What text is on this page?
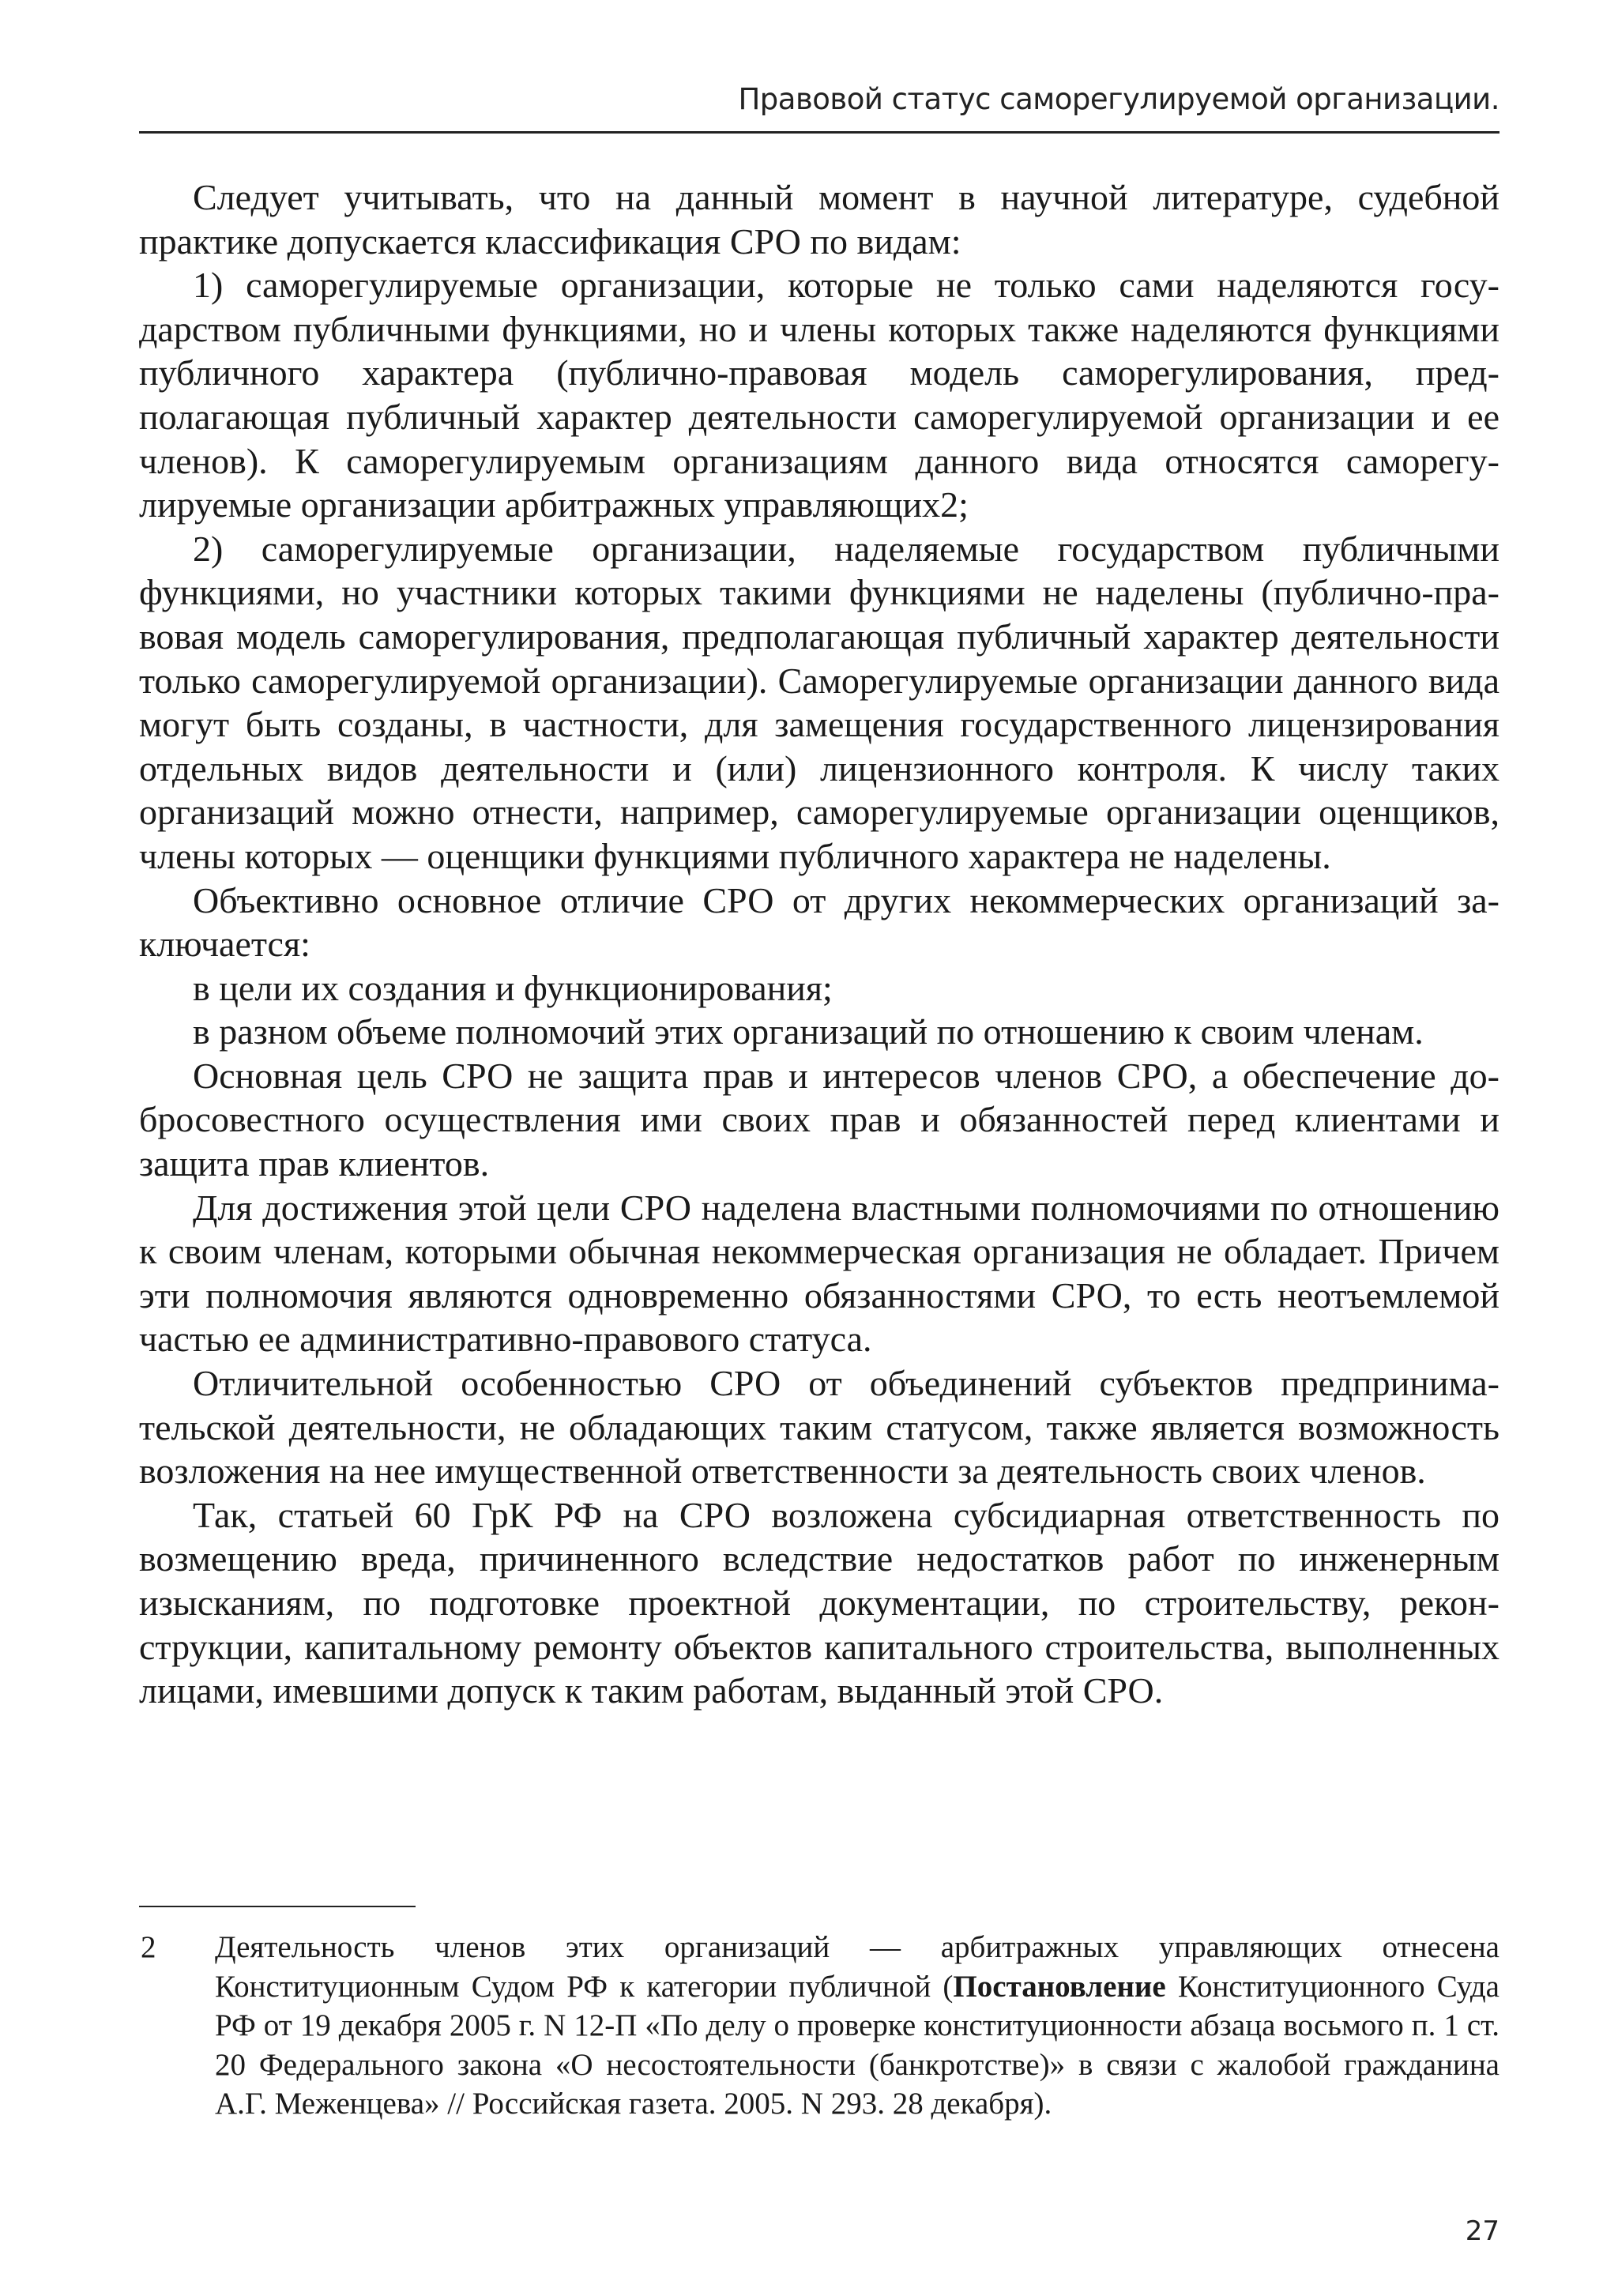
Правовой статус саморегулируемой организации.

Следует учитывать, что на данный момент в научной литературе, судебной практике допускается классификация СРО по видам:

1) саморегулируемые организации, которые не только сами наделяются государством публичными функциями, но и члены которых также наделяются функциями публичного характера (публично-правовая модель саморегулирования, предполагающая публичный характер деятельности саморегулируемой организации и ее членов). К саморегулируемым организациям данного вида относятся саморегулируемые организации арбитражных управляющих2;

2) саморегулируемые организации, наделяемые государством публичными функциями, но участники которых такими функциями не наделены (публично-правовая модель саморегулирования, предполагающая публичный характер деятельности только саморегулируемой организации). Саморегулируемые организации данного вида могут быть созданы, в частности, для замещения государственного лицензирования отдельных видов деятельности и (или) лицензионного контроля. К числу таких организаций можно отнести, например, саморегулируемые организации оценщиков, члены которых — оценщики функциями публичного характера не наделены.

Объективно основное отличие СРО от других некоммерческих организаций заключается:

в цели их создания и функционирования;

в разном объеме полномочий этих организаций по отношению к своим членам.

Основная цель СРО не защита прав и интересов членов СРО, а обеспечение добросовестного осуществления ими своих прав и обязанностей перед клиентами и защита прав клиентов.

Для достижения этой цели СРО наделена властными полномочиями по отношению к своим членам, которыми обычная некоммерческая организация не обладает. Причем эти полномочия являются одновременно обязанностями СРО, то есть неотъемлемой частью ее административно-правового статуса.

Отличительной особенностью СРО от объединений субъектов предпринимательской деятельности, не обладающих таким статусом, также является возможность возложения на нее имущественной ответственности за деятельность своих членов.

Так, статьей 60 ГрК РФ на СРО возложена субсидиарная ответственность по возмещению вреда, причиненного вследствие недостатков работ по инженерным изысканиям, по подготовке проектной документации, по строительству, реконструкции, капитальному ремонту объектов капитального строительства, выполненных лицами, имевшими допуск к таким работам, выданный этой СРО.

2 Деятельность членов этих организаций — арбитражных управляющих отнесена Конституционным Судом РФ к категории публичной (Постановление Конституционного Суда РФ от 19 декабря 2005 г. N 12-П «По делу о проверке конституционности абзаца восьмого п. 1 ст. 20 Федерального закона «О несостоятельности (банкротстве)» в связи с жалобой гражданина А.Г. Меженцева» // Российская газета. 2005. N 293. 28 декабря).
27
